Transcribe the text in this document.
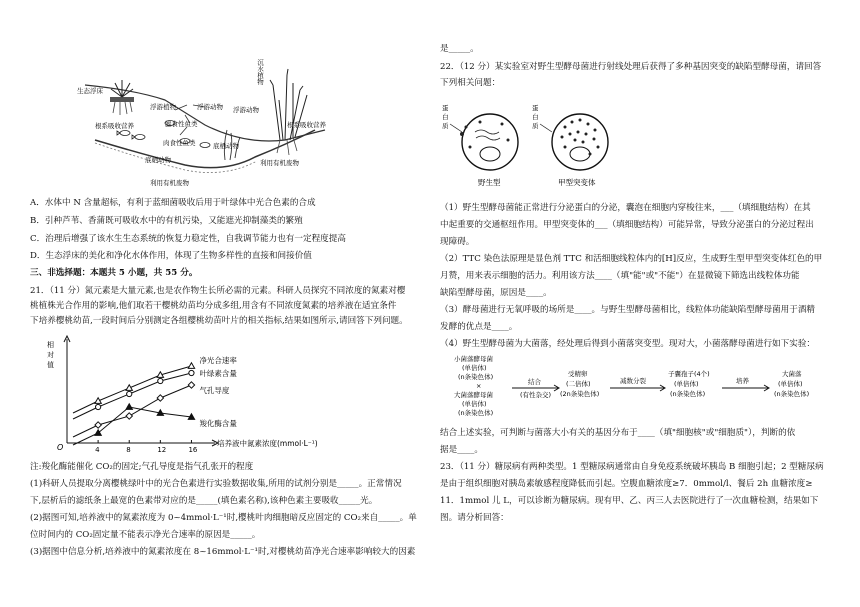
沉水植物
生态浮床
根系吸收营养
浮游植物	浮游动物 浮游动物
滤食性鱼类
肉食性鱼类	底栖动物
底栖动物
根系吸收营养
利用有机废物
利用有机废物
A．水体中 N 含量超标，有利于蓝细菌吸收后用于叶绿体中光合色素的合成
B．引种芦苇、香蒲既可吸收水中的有机污染，又能遮光抑制藻类的繁殖
C．治理后增强了该水生生态系统的恢复力稳定性，自我调节能力也有一定程度提高
D．生态浮床的美化和净化水体作用，体现了生物多样性的直接和间接价值
三、非选择题：本题共 5 小题，共 55 分。
21．（11 分）氮元素是大量元素,也是农作物生长所必需的元素。科研人员探究不同浓度的氮素对樱
桃植株光合作用的影响,他们取若干樱桃幼苗均分成多组,用含有不同浓度氮素的培养液在适宜条件
下培养樱桃幼苗,一段时间后分别测定各组樱桃幼苗叶片的相关指标,结果如图所示,请回答下列问题。
相
对
值
O	4	8	12	16
净光合速率
叶绿素含量
气孔导度
羧化酶含量
培养液中氮素浓度(mmol·L⁻¹)
注:羧化酶能催化 CO₂的固定;气孔导度是指气孔张开的程度
(1)科研人员提取分离樱桃绿叶中的光合色素进行实验数据收集,所用的试剂分别是_____。正常情况
下,层析后的滤纸条上最宽的色素带对应的是_____(填色素名称),该种色素主要吸收_____光。
(2)据图可知,培养液中的氮素浓度为 0~4mmol·L⁻¹时,樱桃叶肉细胞暗反应固定的 CO₂来自_____。单
位时间内的 CO₂固定量不能表示净光合速率的原因是_____。
(3)据图中信息分析,培养液中的氮素浓度在 8~16mmol·L⁻¹时,对樱桃幼苗净光合速率影响较大的因素
是_____。
22．（12 分）某实验室对野生型酵母菌进行射线处理后获得了多种基因突变的缺陷型酵母菌，请回答
下列相关问题：
蛋
白
质
野生型
蛋
白
质
甲型突变体
（1）野生型酵母菌能正常进行分泌蛋白的分泌，囊泡在细胞内穿梭往来，___（填细胞结构）在其
中起重要的交通枢纽作用。甲型突变体的___（填细胞结构）可能异常，导致分泌蛋白的分泌过程出
现障碍。
（2）TTC 染色法原理是显色剂 TTC 和活细胞线粒体内的[H]反应，生成野生型甲型突变体红色的甲
月赞，用来表示细胞的活力。利用该方法____（填"能"或"不能"）在显微镜下筛选出线粒体功能
缺陷型酵母菌，原因是____。
（3）酵母菌进行无氧呼吸的场所是____。与野生型酵母菌相比，线粒体功能缺陷型酵母菌用于酒精
发酵的优点是____。
（4）野生型酵母菌为大菌落，经处理后得到小菌落突变型。现对大，小菌落酵母菌进行如下实验：
小菌落酵母菌
(单倍体)
(n条染色体)
×
大菌落酵母菌
(单倍体)
(n条染色体)
结合
(有性杂交)
受精卵
(二倍体)
(2n条染色体)
减数分裂
子囊孢子(4个)
(单倍体)
(n条染色体)
培养
大菌落
(单倍体)
(n条染色体)
结合上述实验，可判断与菌落大小有关的基因分布于____（填"细胞核"或"细胞质"），判断的依
据是____。
23．（11 分）糖尿病有两种类型。1 型糖尿病通常由自身免疫系统破坏胰岛 B 细胞引起；2 型糖尿病
是由于组织细胞对胰岛素敏感程度降低而引起。空腹血糖浓度≥7．0mmol/l、餐后 2h 血糖浓度≥
11．1mmol 儿 L，可以诊断为糖尿病。现有甲、乙、丙三人去医院进行了一次血糖检测，结果如下
图。请分析回答：
